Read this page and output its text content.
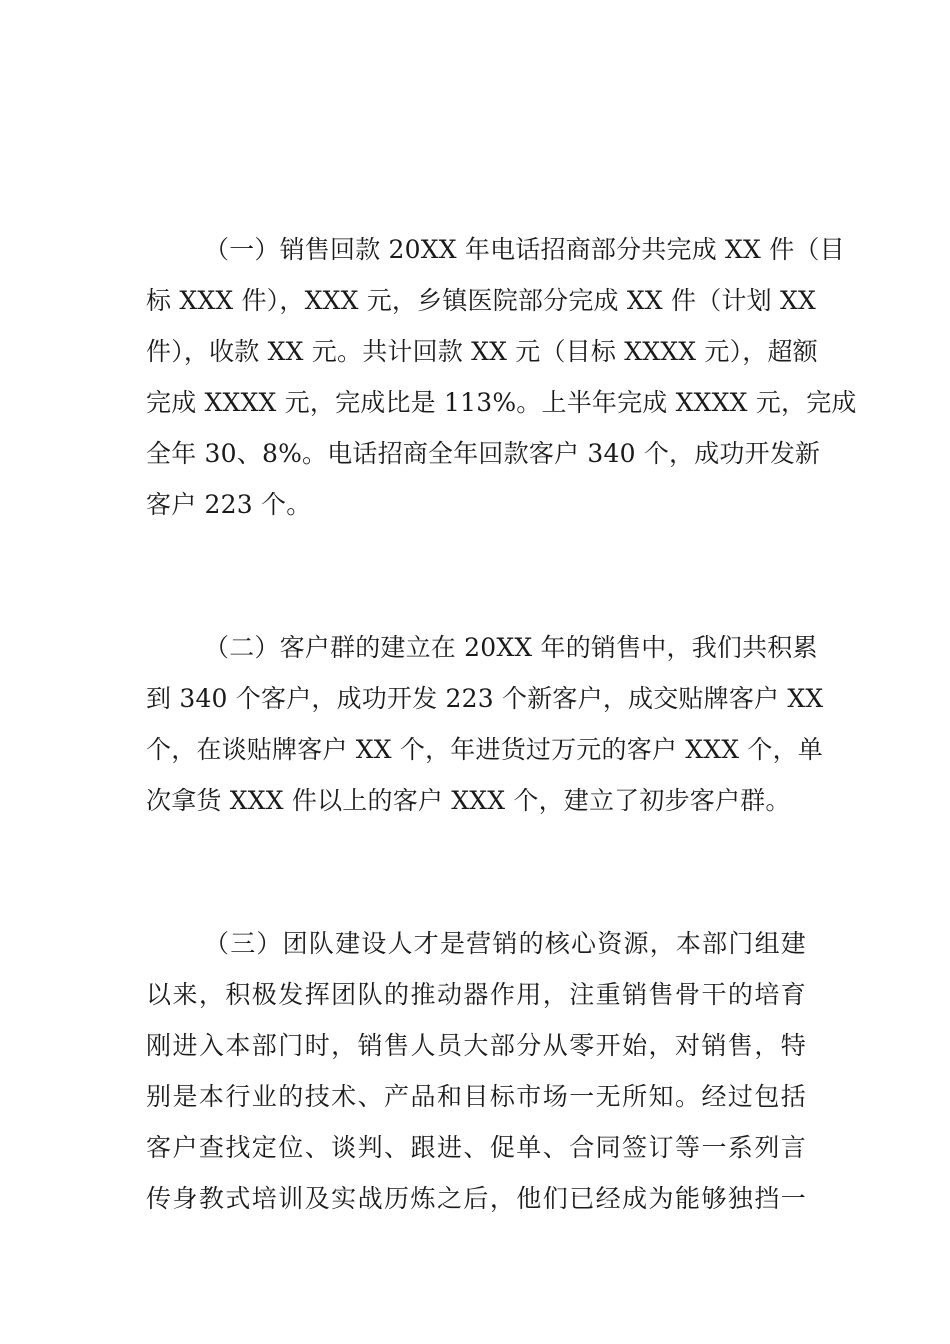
（一）销售回款 20XX 年电话招商部分共完成 XX 件（目
标 XXX 件），XXX 元，乡镇医院部分完成 XX 件（计划 XX
件），收款 XX 元。共计回款 XX 元（目标 XXXX 元），超额
完成 XXXX 元，完成比是 113%。上半年完成 XXXX 元，完成
全年 30、8%。电话招商全年回款客户 340 个，成功开发新
客户 223 个。
（二）客户群的建立在 20XX 年的销售中，我们共积累
到 340 个客户，成功开发 223 个新客户，成交贴牌客户 XX
个，在谈贴牌客户 XX 个，年进货过万元的客户 XXX 个，单
次拿货 XXX 件以上的客户 XXX 个，建立了初步客户群。
（三）团队建设人才是营销的核心资源，本部门组建
以来，积极发挥团队的推动器作用，注重销售骨干的培育
刚进入本部门时，销售人员大部分从零开始，对销售，特
别是本行业的技术、产品和目标市场一无所知。经过包括
客户查找定位、谈判、跟进、促单、合同签订等一系列言
传身教式培训及实战历炼之后，他们已经成为能够独挡一
